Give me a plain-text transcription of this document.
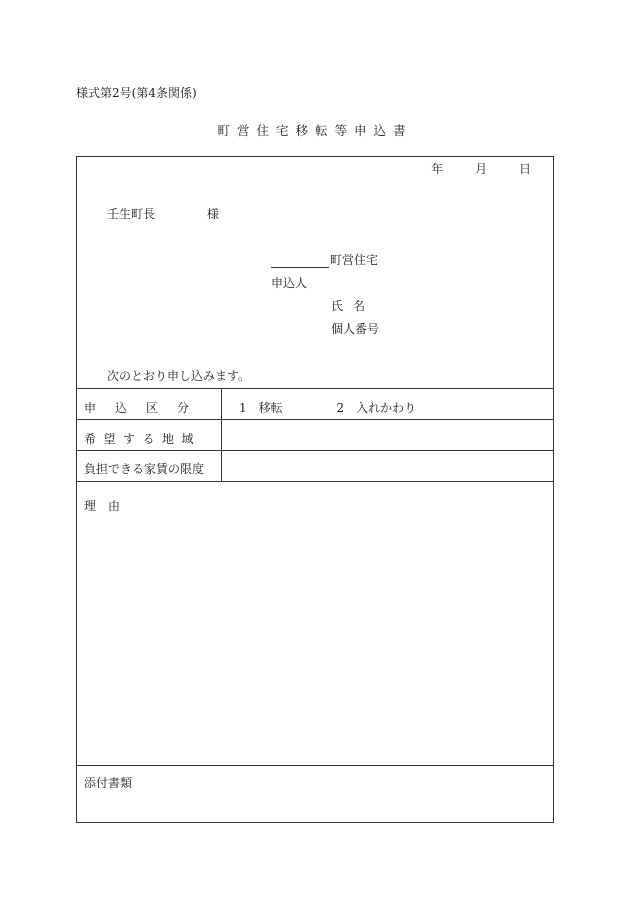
様式第2号(第4条関係)
町営住宅移転等申込書
年	月	日
壬生町長	様
町営住宅
申込人
氏名
個人番号
次のとおり申し込みます。
申 込 区 分	1　移転	2　入れかわり
希望する地域
負担できる家賃の限度
理由
添付書類
